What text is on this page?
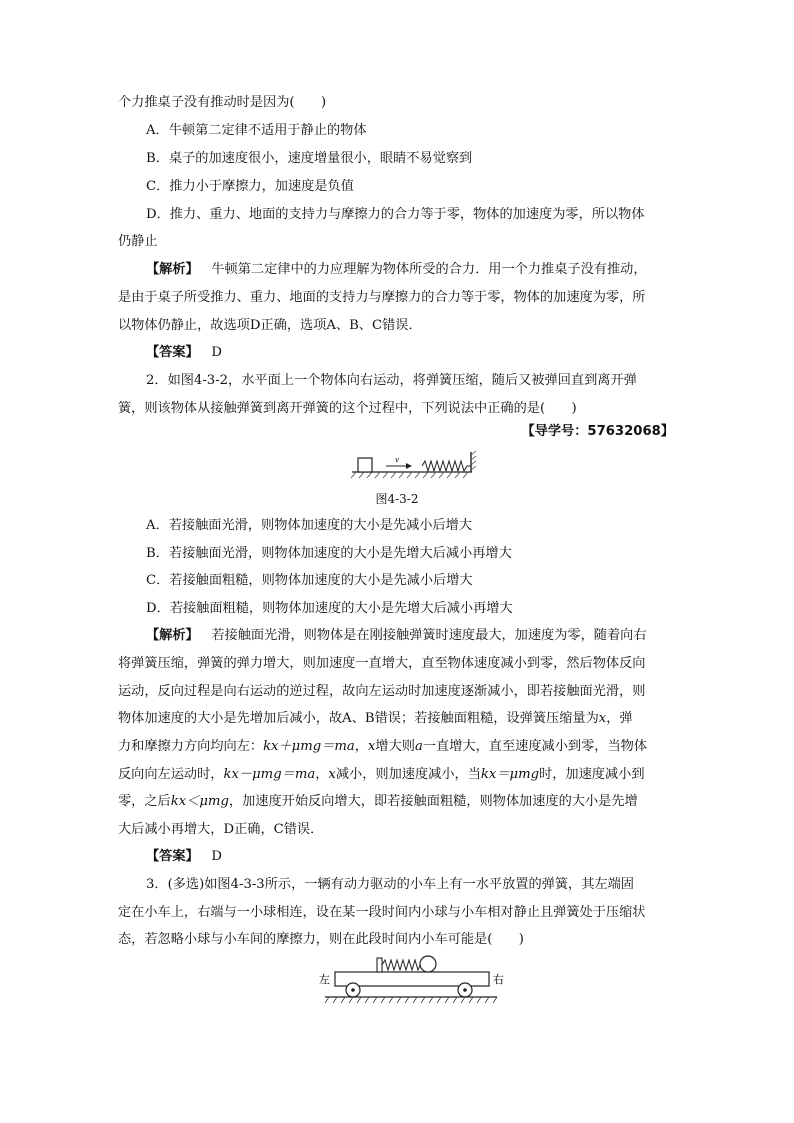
个力推桌子没有推动时是因为(　　)
A．牛顿第二定律不适用于静止的物体
B．桌子的加速度很小，速度增量很小，眼睛不易觉察到
C．推力小于摩擦力，加速度是负值
D．推力、重力、地面的支持力与摩擦力的合力等于零，物体的加速度为零，所以物体
仍静止
【解析】 牛顿第二定律中的力应理解为物体所受的合力．用一个力推桌子没有推动，
是由于桌子所受推力、重力、地面的支持力与摩擦力的合力等于零，物体的加速度为零，所
以物体仍静止，故选项D正确，选项A、B、C错误．
【答案】 D
2．如图4-3-2，水平面上一个物体向右运动，将弹簧压缩，随后又被弹回直到离开弹
簧，则该物体从接触弹簧到离开弹簧的这个过程中，下列说法中正确的是(　　)
【导学号：57632068】
v
图4-3-2
A．若接触面光滑，则物体加速度的大小是先减小后增大
B．若接触面光滑，则物体加速度的大小是先增大后减小再增大
C．若接触面粗糙，则物体加速度的大小是先减小后增大
D．若接触面粗糙，则物体加速度的大小是先增大后减小再增大
【解析】 若接触面光滑，则物体是在刚接触弹簧时速度最大，加速度为零，随着向右
将弹簧压缩，弹簧的弹力增大，则加速度一直增大，直至物体速度减小到零，然后物体反向
运动，反向过程是向右运动的逆过程，故向左运动时加速度逐渐减小，即若接触面光滑，则
物体加速度的大小是先增加后减小，故A、B错误；若接触面粗糙，设弹簧压缩量为x，弹
力和摩擦力方向均向左：kx＋μmg＝ma，x增大则a一直增大，直至速度减小到零，当物体
反向向左运动时，kx－μmg＝ma，x减小，则加速度减小，当kx＝μmg时，加速度减小到
零，之后kx＜μmg，加速度开始反向增大，即若接触面粗糙，则物体加速度的大小是先增
大后减小再增大，D正确，C错误．
【答案】 D
3．(多选)如图4-3-3所示，一辆有动力驱动的小车上有一水平放置的弹簧，其左端固
定在小车上，右端与一小球相连，设在某一段时间内小球与小车相对静止且弹簧处于压缩状
态，若忽略小球与小车间的摩擦力，则在此段时间内小车可能是(　　)
左	右
